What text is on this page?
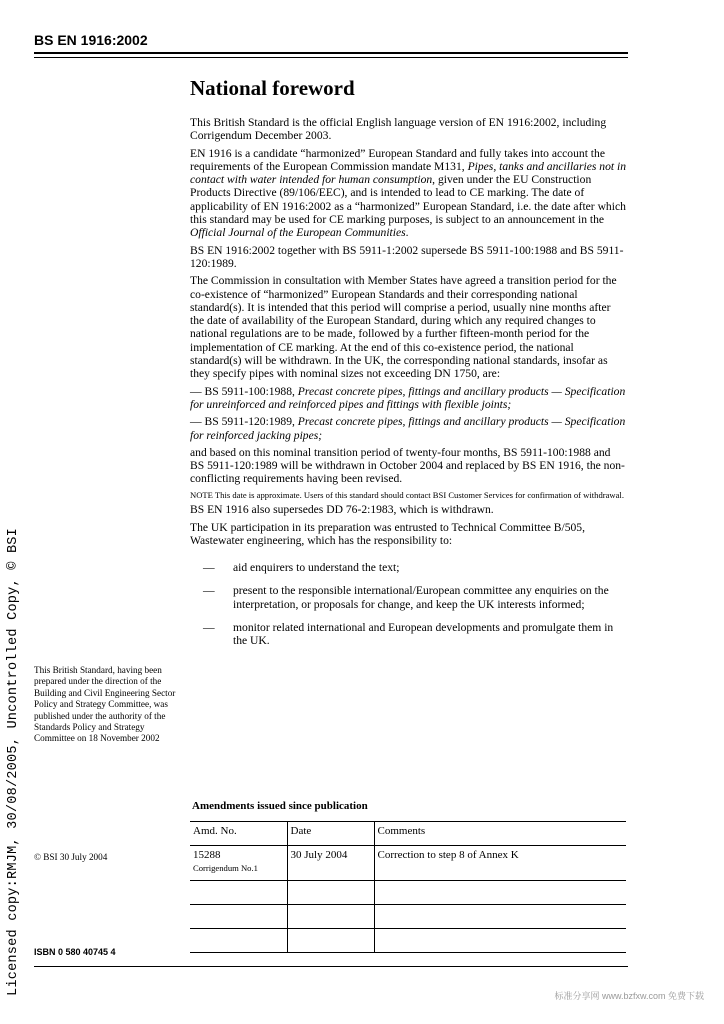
BS EN 1916:2002
National foreword

This British Standard is the official English language version of EN 1916:2002, including Corrigendum December 2003.

EN 1916 is a candidate “harmonized” European Standard and fully takes into account the requirements of the European Commission mandate M131, Pipes, tanks and ancillaries not in contact with water intended for human consumption, given under the EU Construction Products Directive (89/106/EEC), and is intended to lead to CE marking. The date of applicability of EN 1916:2002 as a “harmonized” European Standard, i.e. the date after which this standard may be used for CE marking purposes, is subject to an announcement in the Official Journal of the European Communities.

BS EN 1916:2002 together with BS 5911-1:2002 supersede BS 5911-100:1988 and BS 5911-120:1989.

The Commission in consultation with Member States have agreed a transition period for the co-existence of “harmonized” European Standards and their corresponding national standard(s). It is intended that this period will comprise a period, usually nine months after the date of availability of the European Standard, during which any required changes to national regulations are to be made, followed by a further fifteen-month period for the implementation of CE marking. At the end of this co-existence period, the national standard(s) will be withdrawn. In the UK, the corresponding national standards, insofar as they specify pipes with nominal sizes not exceeding DN 1750, are:

— BS 5911-100:1988, Precast concrete pipes, fittings and ancillary products — Specification for unreinforced and reinforced pipes and fittings with flexible joints;

— BS 5911-120:1989, Precast concrete pipes, fittings and ancillary products — Specification for reinforced jacking pipes;

and based on this nominal transition period of twenty-four months, BS 5911-100:1988 and BS 5911-120:1989 will be withdrawn in October 2004 and replaced by BS EN 1916, the non-conflicting requirements having been revised.

NOTE This date is approximate. Users of this standard should contact BSI Customer Services for confirmation of withdrawal.

BS EN 1916 also supersedes DD 76-2:1983, which is withdrawn.

The UK participation in its preparation was entrusted to Technical Committee B/505, Wastewater engineering, which has the responsibility to:

—	aid enquirers to understand the text;
—	present to the responsible international/European committee any enquiries on the interpretation, or proposals for change, and keep the UK interests informed;
—	monitor related international and European developments and promulgate them in the UK.
This British Standard, having been prepared under the direction of the Building and Civil Engineering Sector Policy and Strategy Committee, was published under the authority of the Standards Policy and Strategy Committee on 18 November 2002
© BSI 30 July 2004
ISBN 0 580 40745 4
Amendments issued since publication
Amd. No.	Date	Comments
15288
Corrigendum No.1	30 July 2004	Correction to step 8 of Annex K

Licensed copy:RMJM, 30/08/2005, Uncontrolled Copy, © BSI	标准分享网 www.bzfxw.com 免费下载
